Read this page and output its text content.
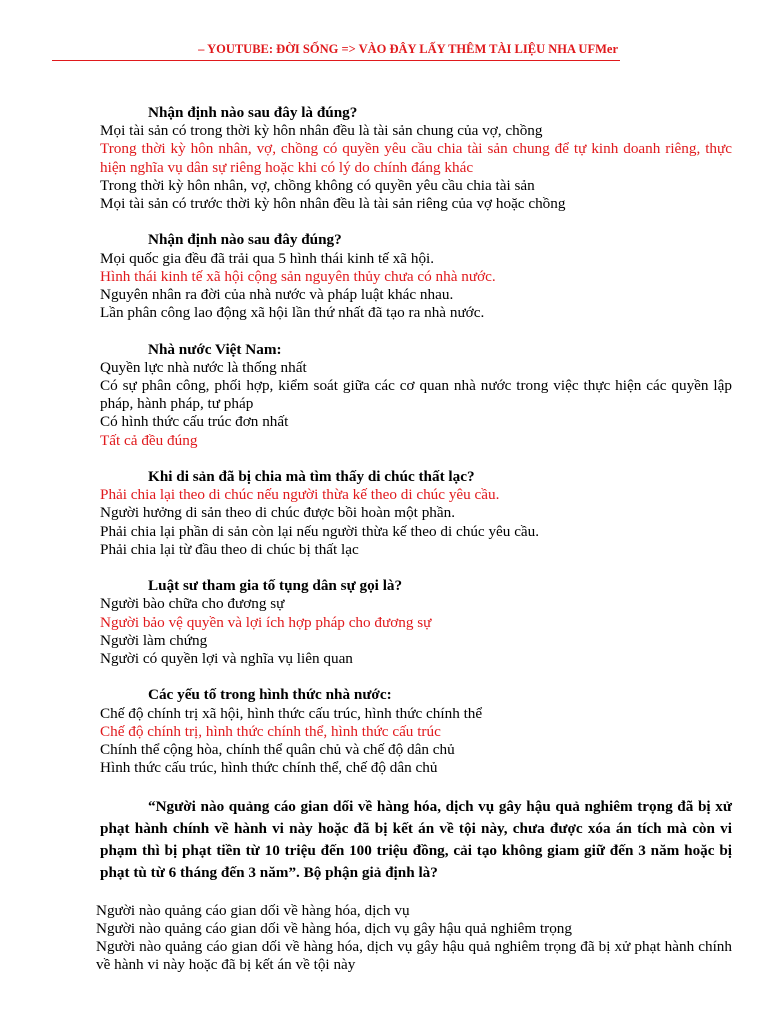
– YOUTUBE: ĐỜI SỐNG => VÀO ĐÂY LẤY THÊM TÀI LIỆU NHA UFMer

Nhận định nào sau đây là đúng?

Mọi tài sản có trong thời kỳ hôn nhân đều là tài sản chung của vợ, chồng

Trong thời kỳ hôn nhân, vợ, chồng có quyền yêu cầu chia tài sản chung để tự kinh doanh riêng, thực hiện nghĩa vụ dân sự riêng hoặc khi có lý do chính đáng khác

Trong thời kỳ hôn nhân, vợ, chồng không có quyền yêu cầu chia tài sản

Mọi tài sản có trước thời kỳ hôn nhân đều là tài sản riêng của vợ hoặc chồng

Nhận định nào sau đây đúng?

Mọi quốc gia đều đã trải qua 5 hình thái kinh tế xã hội.

Hình thái kinh tế xã hội cộng sản nguyên thủy chưa có nhà nước.

Nguyên nhân ra đời của nhà nước và pháp luật khác nhau.

Lần phân công lao động xã hội lần thứ nhất đã tạo ra nhà nước.

Nhà nước Việt Nam:

Quyền lực nhà nước là thống nhất

Có sự phân công, phối hợp, kiểm soát giữa các cơ quan nhà nước trong việc thực hiện các quyền lập pháp, hành pháp, tư pháp

Có hình thức cấu trúc đơn nhất

Tất cả đều đúng

Khi di sản đã bị chia mà tìm thấy di chúc thất lạc?

Phải chia lại theo di chúc nếu người thừa kế theo di chúc yêu cầu.

Người hưởng di sản theo di chúc được bồi hoàn một phần.

Phải chia lại phần di sản còn lại nếu người thừa kế theo di chúc yêu cầu.

Phải chia lại từ đầu theo di chúc bị thất lạc

Luật sư tham gia tố tụng dân sự gọi là?

Người bào chữa cho đương sự

Người bảo vệ quyền và lợi ích hợp pháp cho đương sự

Người làm chứng

Người có quyền lợi và nghĩa vụ liên quan

Các yếu tố trong hình thức nhà nước:

Chế độ chính trị xã hội, hình thức cấu trúc, hình thức chính thể

Chế độ chính trị, hình thức chính thể, hình thức cấu trúc

Chính thể cộng hòa, chính thể quân chủ và chế độ dân chủ

Hình thức cấu trúc, hình thức chính thể, chế độ dân chủ

“Người nào quảng cáo gian dối về hàng hóa, dịch vụ gây hậu quả nghiêm trọng đã bị xử phạt hành chính về hành vi này hoặc đã bị kết án về tội này, chưa được xóa án tích mà còn vi phạm thì bị phạt tiền từ 10 triệu đến 100 triệu đồng, cải tạo không giam giữ đến 3 năm hoặc bị phạt tù từ 6 tháng đến 3 năm”. Bộ phận giả định là?

Người nào quảng cáo gian dối về hàng hóa, dịch vụ

Người nào quảng cáo gian dối về hàng hóa, dịch vụ gây hậu quả nghiêm trọng

Người nào quảng cáo gian dối về hàng hóa, dịch vụ gây hậu quả nghiêm trọng đã bị xử phạt hành chính về hành vi này hoặc đã bị kết án về tội này
